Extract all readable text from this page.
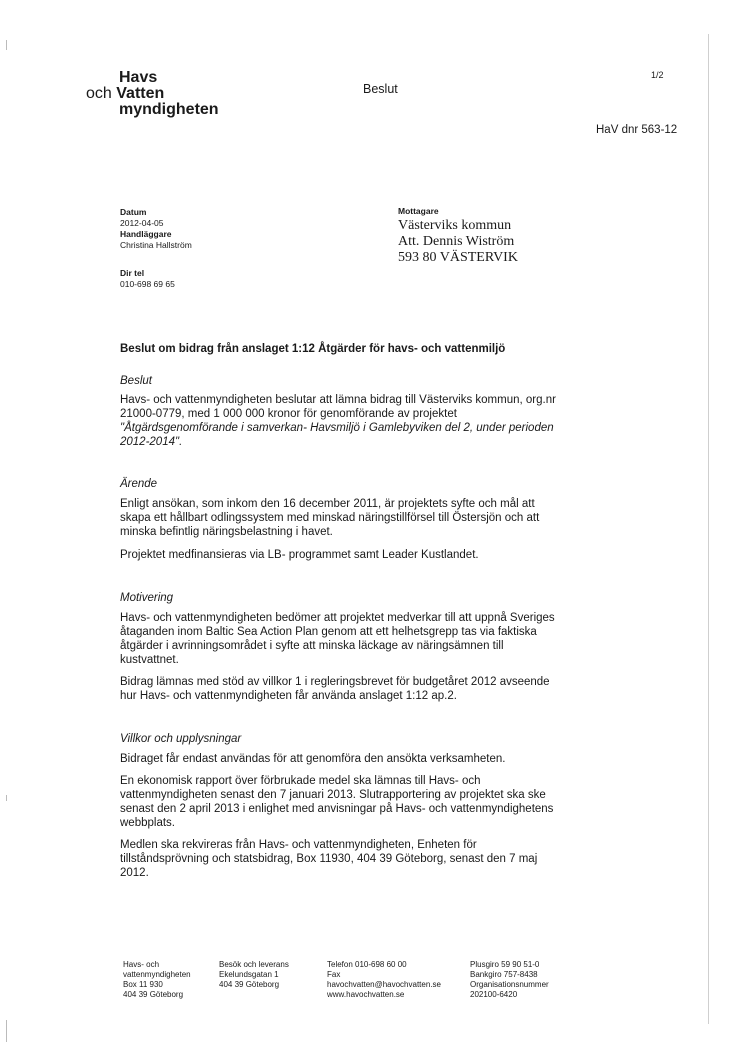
Havs
och Vatten
myndigheten
Beslut
1/2
HaV dnr 563-12
Datum
2012-04-05
Handläggare
Christina Hallström
Dir tel
010-698 69 65
Mottagare
Västerviks kommun
Att. Dennis Wiström
593 80 VÄSTERVIK
Beslut om bidrag från anslaget 1:12 Åtgärder för havs- och vattenmiljö
Beslut
Havs- och vattenmyndigheten beslutar att lämna bidrag till Västerviks kommun, org.nr 21000-0779, med 1 000 000 kronor för genomförande av projektet "Åtgärdsgenomförande i samverkan- Havsmiljö i Gamlebyviken del 2, under perioden 2012-2014".
Ärende
Enligt ansökan, som inkom den 16 december 2011, är projektets syfte och mål att skapa ett hållbart odlingssystem med minskad näringstillförsel till Östersjön och att minska befintlig näringsbelastning i havet.
Projektet medfinansieras via LB- programmet samt Leader Kustlandet.
Motivering
Havs- och vattenmyndigheten bedömer att projektet medverkar till att uppnå Sveriges åtaganden inom Baltic Sea Action Plan genom att ett helhetsgrepp tas via faktiska åtgärder i avrinningsområdet i syfte att minska läckage av näringsämnen till kustvattnet.
Bidrag lämnas med stöd av villkor 1 i regleringsbrevet för budgetåret 2012 avseende hur Havs- och vattenmyndigheten får använda anslaget 1:12 ap.2.
Villkor och upplysningar
Bidraget får endast användas för att genomföra den ansökta verksamheten.
En ekonomisk rapport över förbrukade medel ska lämnas till Havs- och vattenmyndigheten senast den 7 januari 2013. Slutrapportering av projektet ska ske senast den 2 april 2013 i enlighet med anvisningar på Havs- och vattenmyndighetens webbplats.
Medlen ska rekvireras från Havs- och vattenmyndigheten, Enheten för tillståndsprövning och statsbidrag, Box 11930, 404 39 Göteborg, senast den 7 maj 2012.
Havs- och
vattenmyndigheten
Box 11 930
404 39 Göteborg
Besök och leverans
Ekelundsgatan 1
404 39 Göteborg
Telefon 010-698 60 00
Fax
havochvatten@havochvatten.se
www.havochvatten.se
Plusgiro 59 90 51-0
Bankgiro 757-8438
Organisationsnummer
202100-6420
